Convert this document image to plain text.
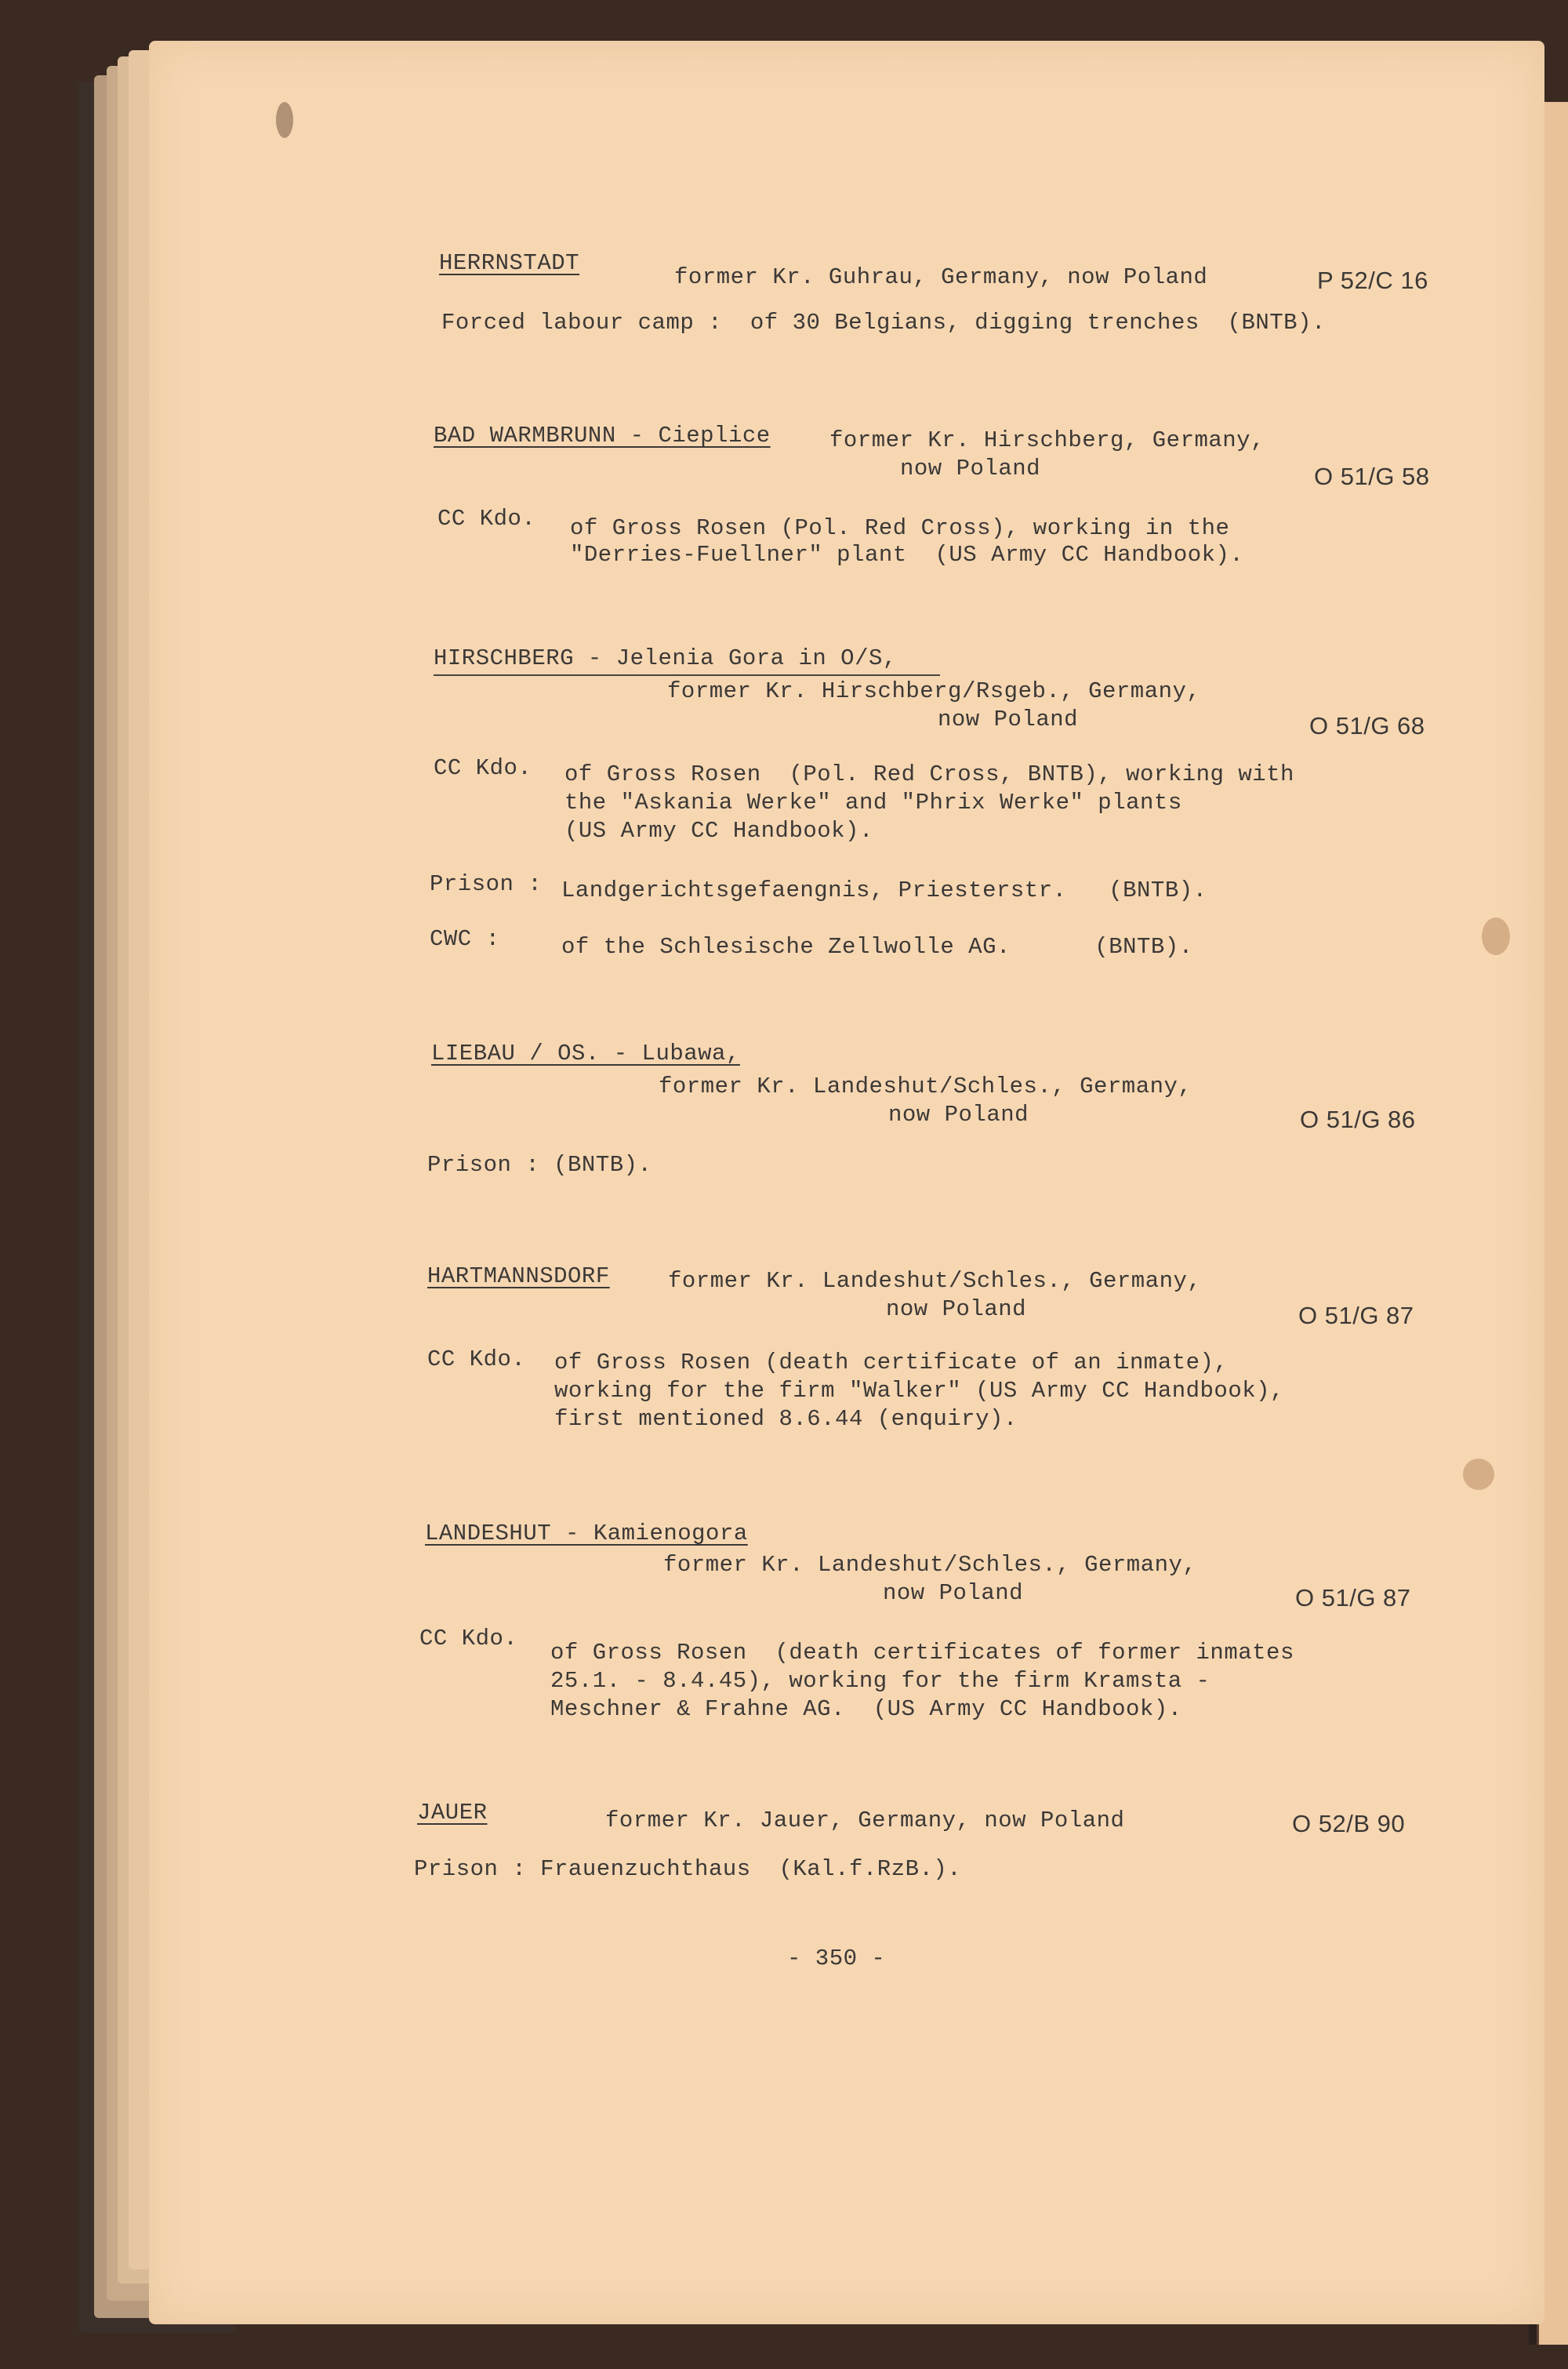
HERRNSTADT
former Kr. Guhrau, Germany, now Poland	P 52/C 16
Forced labour camp :  of 30 Belgians, digging trenches  (BNTB).
BAD WARMBRUNN - Cieplice	former Kr. Hirschberg, Germany,
now Poland	O 51/G 58
CC Kdo. of Gross Rosen (Pol. Red Cross), working in the
"Derries-Fuellner" plant  (US Army CC Handbook).
HIRSCHBERG - Jelenia Gora in O/S,
former Kr. Hirschberg/Rsgeb., Germany,
now Poland	O 51/G 68
CC Kdo. of Gross Rosen  (Pol. Red Cross, BNTB), working with
the "Askania Werke" and "Phrix Werke" plants
(US Army CC Handbook).
Prison : Landgerichtsgefaengnis, Priesterstr.   (BNTB).
CWC :	of the Schlesische Zellwolle AG.      (BNTB).
LIEBAU / OS. - Lubawa,
former Kr. Landeshut/Schles., Germany,
now Poland	O 51/G 86
Prison : (BNTB).
HARTMANNSDORF	former Kr. Landeshut/Schles., Germany,
now Poland	O 51/G 87
CC Kdo. of Gross Rosen (death certificate of an inmate),
working for the firm "Walker" (US Army CC Handbook),
first mentioned 8.6.44 (enquiry).
LANDESHUT - Kamienogora
former Kr. Landeshut/Schles., Germany,
now Poland	O 51/G 87
CC Kdo.
of Gross Rosen  (death certificates of former inmates
25.1. - 8.4.45), working for the firm Kramsta -
Meschner & Frahne AG.  (US Army CC Handbook).
JAUER	former Kr. Jauer, Germany, now Poland	O 52/B 90
Prison : Frauenzuchthaus  (Kal.f.RzB.).
- 350 -
